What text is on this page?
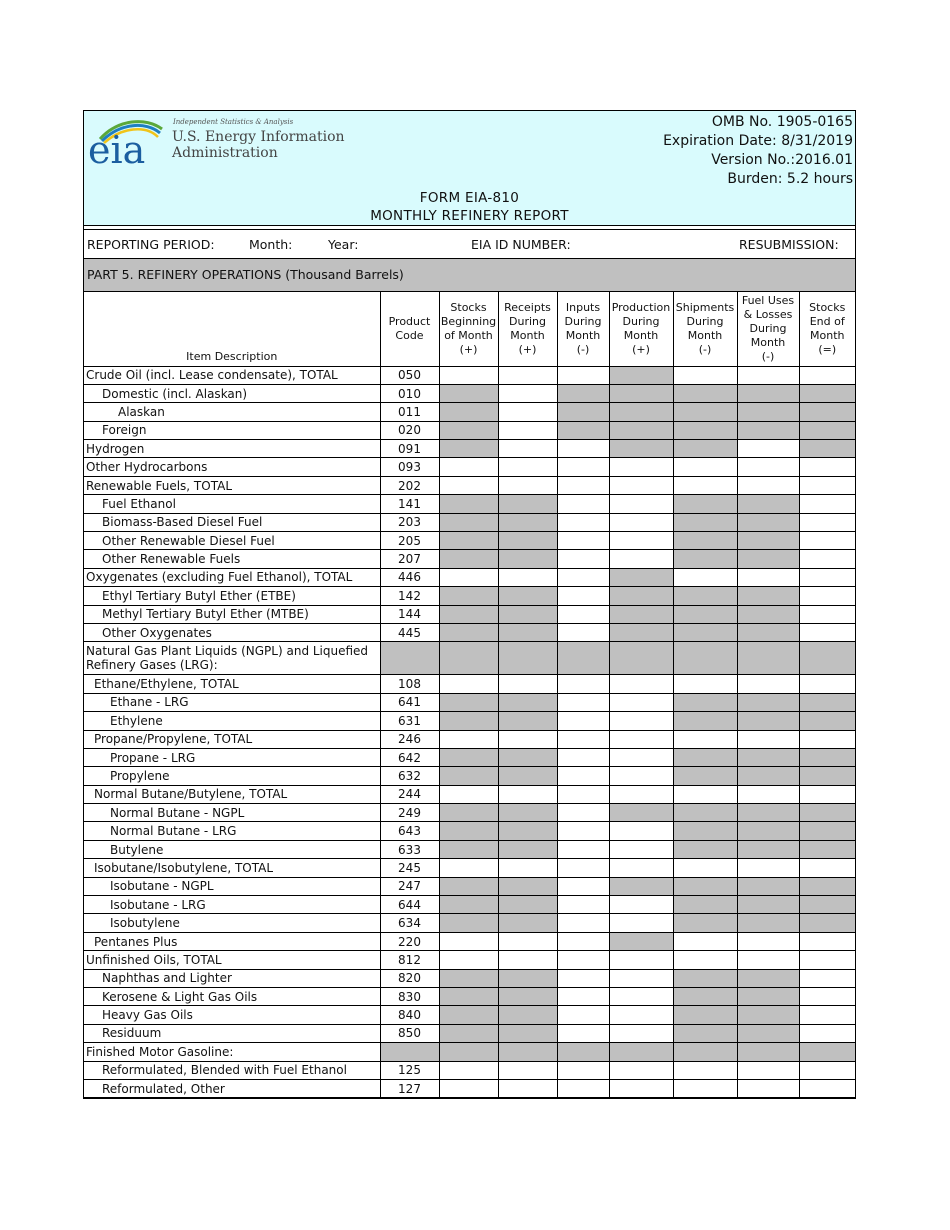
eia
Independent Statistics & Analysis
U.S. Energy Information
Administration
OMB No. 1905-0165
Expiration Date: 8/31/2019
Version No.:2016.01
Burden: 5.2 hours
FORM EIA-810
MONTHLY REFINERY REPORT
REPORTING PERIOD:	Month:	Year:	EIA ID NUMBER:	RESUBMISSION:
PART 5. REFINERY OPERATIONS (Thousand Barrels)
Item Description	Product
Code	Stocks
Beginning
of Month
(+)	Receipts
During
Month
(+)	Inputs
During
Month
(-)	Production
During
Month
(+)	Shipments
During
Month
(-)	Fuel Uses
& Losses
During
Month
(-)	Stocks
End of
Month
(=)
Crude Oil (incl. Lease condensate), TOTAL	050							
Domestic (incl. Alaskan)	010							
Alaskan	011							
Foreign	020							
Hydrogen	091							
Other Hydrocarbons	093							
Renewable Fuels, TOTAL	202							
Fuel Ethanol	141							
Biomass-Based Diesel Fuel	203							
Other Renewable Diesel Fuel	205							
Other Renewable Fuels	207							
Oxygenates (excluding Fuel Ethanol), TOTAL	446							
Ethyl Tertiary Butyl Ether (ETBE)	142							
Methyl Tertiary Butyl Ether (MTBE)	144							
Other Oxygenates	445							
Natural Gas Plant Liquids (NGPL) and Liquefied Refinery Gases (LRG):								
Ethane/Ethylene, TOTAL	108							
Ethane - LRG	641							
Ethylene	631							
Propane/Propylene, TOTAL	246							
Propane - LRG	642							
Propylene	632							
Normal Butane/Butylene, TOTAL	244							
Normal Butane - NGPL	249							
Normal Butane - LRG	643							
Butylene	633							
Isobutane/Isobutylene, TOTAL	245							
Isobutane - NGPL	247							
Isobutane - LRG	644							
Isobutylene	634							
Pentanes Plus	220							
Unfinished Oils, TOTAL	812							
Naphthas and Lighter	820							
Kerosene & Light Gas Oils	830							
Heavy Gas Oils	840							
Residuum	850							
Finished Motor Gasoline:								
Reformulated, Blended with Fuel Ethanol	125							
Reformulated, Other	127							
